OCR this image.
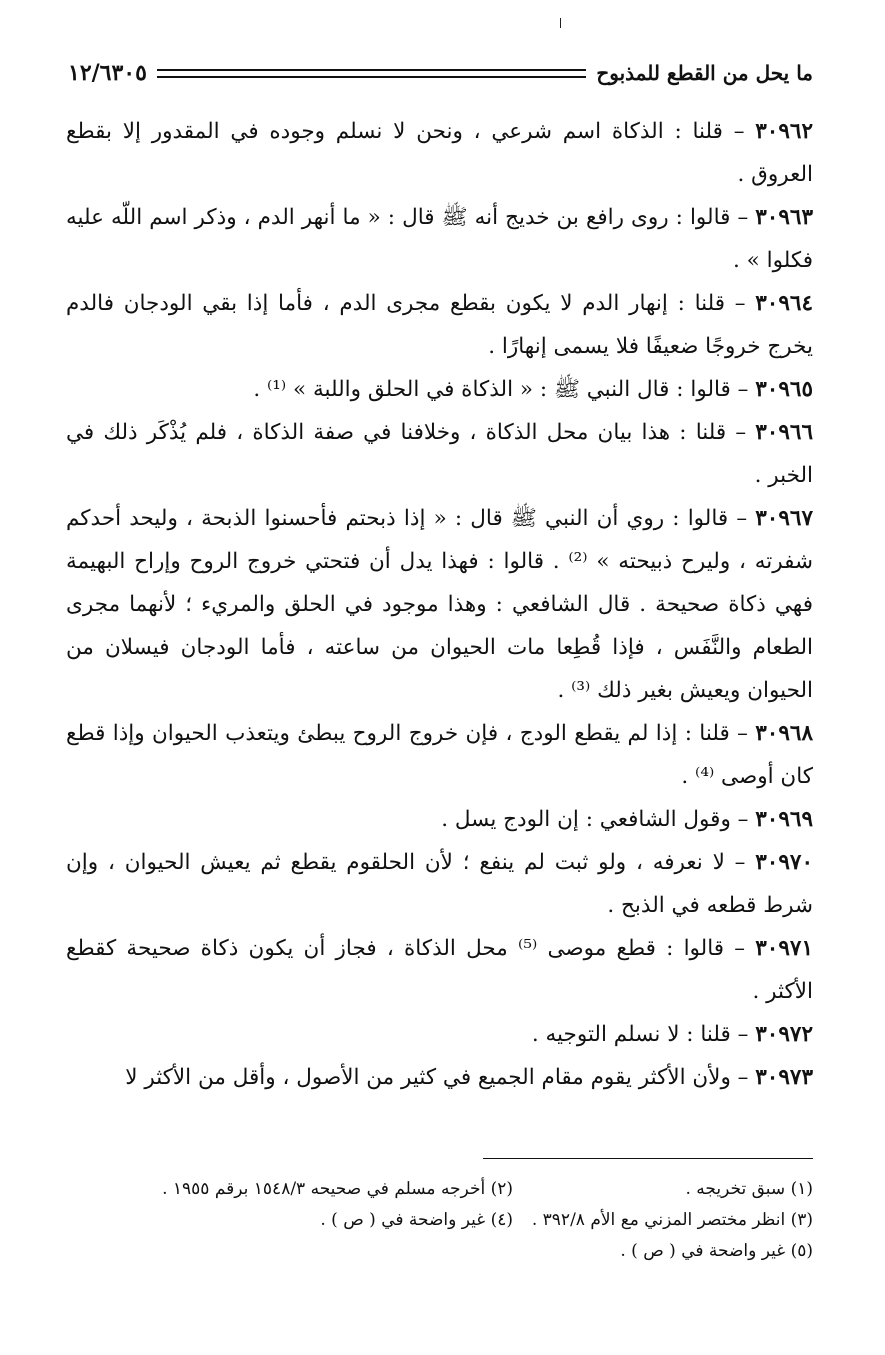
ما يحل من القطع للمذبوح
١٢/٦٣٠٥

٣٠٩٦٢ – قلنا : الذكاة اسم شرعي ، ونحن لا نسلم وجوده في المقدور إلا بقطع العروق .

٣٠٩٦٣ – قالوا : روى رافع بن خديج أنه ﷺ قال : « ما أنهر الدم ، وذكر اسم اللّه عليه فكلوا » .

٣٠٩٦٤ – قلنا : إنهار الدم لا يكون بقطع مجرى الدم ، فأما إذا بقي الودجان فالدم يخرج خروجًا ضعيفًا فلا يسمى إنهارًا .

٣٠٩٦٥ – قالوا : قال النبي ﷺ : « الذكاة في الحلق واللبة » ⁽¹⁾ .

٣٠٩٦٦ – قلنا : هذا بيان محل الذكاة ، وخلافنا في صفة الذكاة ، فلم يُذْكَر ذلك في الخبر .

٣٠٩٦٧ – قالوا : روي أن النبي ﷺ قال : « إذا ذبحتم فأحسنوا الذبحة ، وليحد أحدكم شفرته ، وليرح ذبيحته » ⁽²⁾ . قالوا : فهذا يدل أن فتحتي خروج الروح وإراح البهيمة فهي ذكاة صحيحة . قال الشافعي : وهذا موجود في الحلق والمريء ؛ لأنهما مجرى الطعام والنَّفَس ، فإذا قُطِعا مات الحيوان من ساعته ، فأما الودجان فيسلان من الحيوان ويعيش بغير ذلك ⁽³⁾ .

٣٠٩٦٨ – قلنا : إذا لم يقطع الودج ، فإن خروج الروح يبطئ ويتعذب الحيوان وإذا قطع كان أوصى ⁽⁴⁾ .

٣٠٩٦٩ – وقول الشافعي : إن الودج يسل .

٣٠٩٧٠ – لا نعرفه ، ولو ثبت لم ينفع ؛ لأن الحلقوم يقطع ثم يعيش الحيوان ، وإن شرط قطعه في الذبح .

٣٠٩٧١ – قالوا : قطع موصى ⁽⁵⁾ محل الذكاة ، فجاز أن يكون ذكاة صحيحة كقطع الأكثر .

٣٠٩٧٢ – قلنا : لا نسلم التوجيه .

٣٠٩٧٣ – ولأن الأكثر يقوم مقام الجميع في كثير من الأصول ، وأقل من الأكثر لا

(١) سبق تخريجه .
(٢) أخرجه مسلم في صحيحه ١٥٤٨/٣ برقم ١٩٥٥ .
(٣) انظر مختصر المزني مع الأم ٣٩٢/٨ .
(٤) غير واضحة في ( ص ) .
(٥) غير واضحة في ( ص ) .
